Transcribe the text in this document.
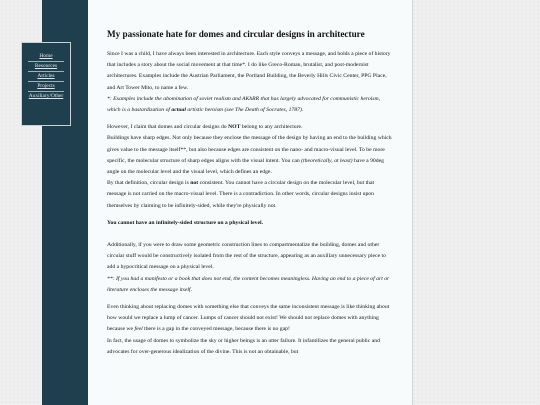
Home
Resources
Articles
Projects
Auxiliary/Other
My passionate hate for domes and circular designs in architecture

Since I was a child, I have always been interested in architecture. Each style conveys a message, and holds a piece of history that includes a story about the social movement at that time*. I do like Greco-Roman, brutalist, and post-modernist architectures. Examples include the Austrian Parliament, the Portland Building, the Beverly Hills Civic Center, PPG Place, and Art Tower Mito, to name a few.

*: Examples include the abomination of soviet realism and AKhRR that has largely advocated for communistic heroism, which is a bastardization of actual artistic heroism (see The Death of Socrates, 1787).

However, I claim that domes and circular designs do NOT belong to any architecture.

Buildings have sharp edges. Not only because they enclose the message of the design by having an end to the building which gives value to the message itself**, but also because edges are consistent on the nano- and macro-visual level. To be more specific, the molecular structure of sharp edges aligns with the visual intent. You can (theoretically, at least) have a 90deg angle on the molecular level and the visual level, which defines an edge.

By that definition, circular design is not consistent. You cannot have a circular design on the molecular level, but that message is not carried on the macro-visual level. There is a contradiction. In other words, circular designs insist upon themselves by claiming to be infinitely-sided, while they're physically not.

You cannot have an infinitely-sided structure on a physical level.

Additionally, if you were to draw some geometric construction lines to compartmentalize the building, domes and other circular stuff would be constructively isolated from the rest of the structure, appearing as an auxillary unnecessary piece to add a hypocritical message on a physical level.

**: If you had a manifesto or a book that does not end, the content becomes meaningless. Having an end to a piece of art or literature encloses the message itself.

Even thinking about replacing domes with something else that conveys the same inconsistent message is like thinking about how would we replace a lump of cancer. Lumps of cancer should not exist! We should not replace domes with anything because we feel there is a gap in the conveyed message, because there is no gap!

In fact, the usage of domes to symbolize the sky or higher beings is an utter failure. It infantilizes the general public and advocates for over-generous idealization of the divine. This is not an obtainable, but
